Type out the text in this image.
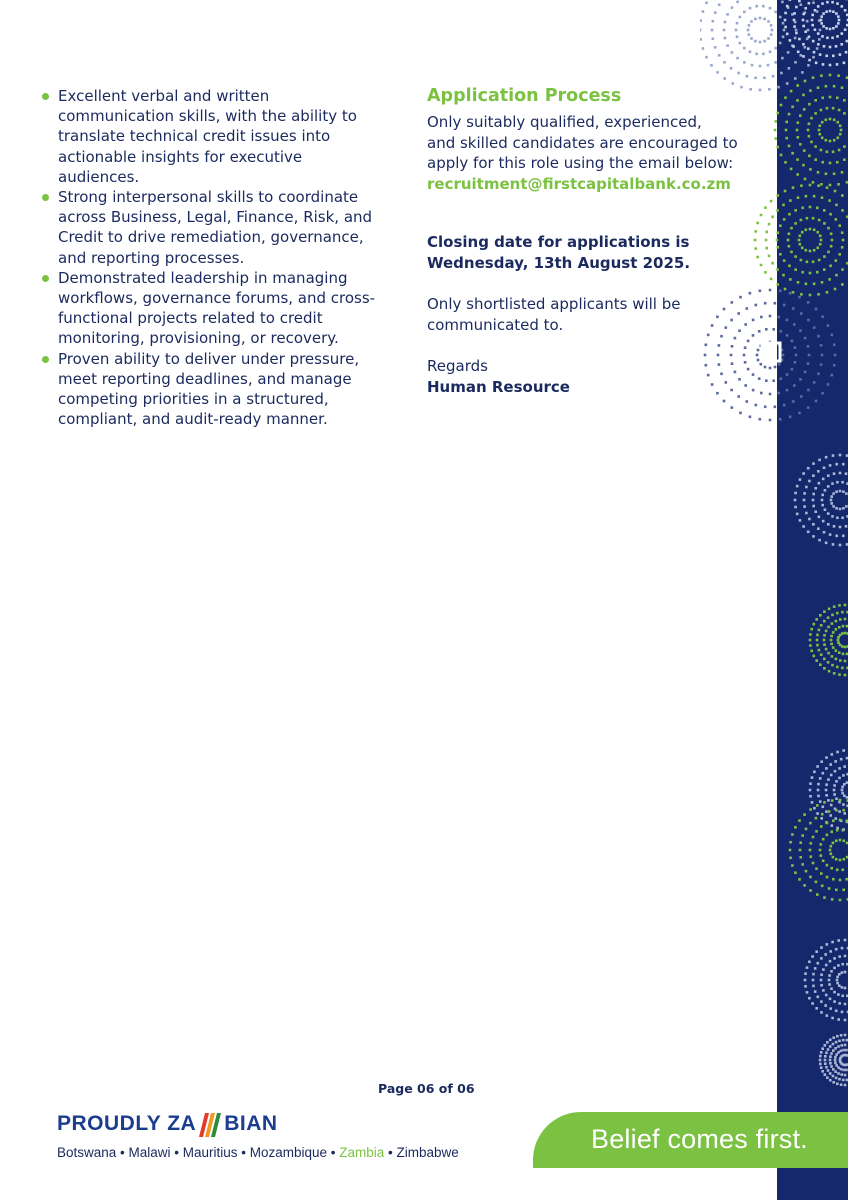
Excellent verbal and written communication skills, with the ability to translate technical credit issues into actionable insights for executive audiences.
Strong interpersonal skills to coordinate across Business, Legal, Finance, Risk, and Credit to drive remediation, governance, and reporting processes.
Demonstrated leadership in managing workflows, governance forums, and cross-functional projects related to credit monitoring, provisioning, or recovery.
Proven ability to deliver under pressure, meet reporting deadlines, and manage competing priorities in a structured, compliant, and audit-ready manner.
Application Process
Only suitably qualified, experienced,
and skilled candidates are encouraged to
apply for this role using the email below:
recruitment@firstcapitalbank.co.zm
Closing date for applications is
Wednesday, 13th August 2025.
Only shortlisted applicants will be
communicated to.
Regards
Human Resource
Page 06 of 06
PROUDLY ZA BIAN
Botswana • Malawi • Mauritius • Mozambique • Zambia • Zimbabwe	Belief comes first.
